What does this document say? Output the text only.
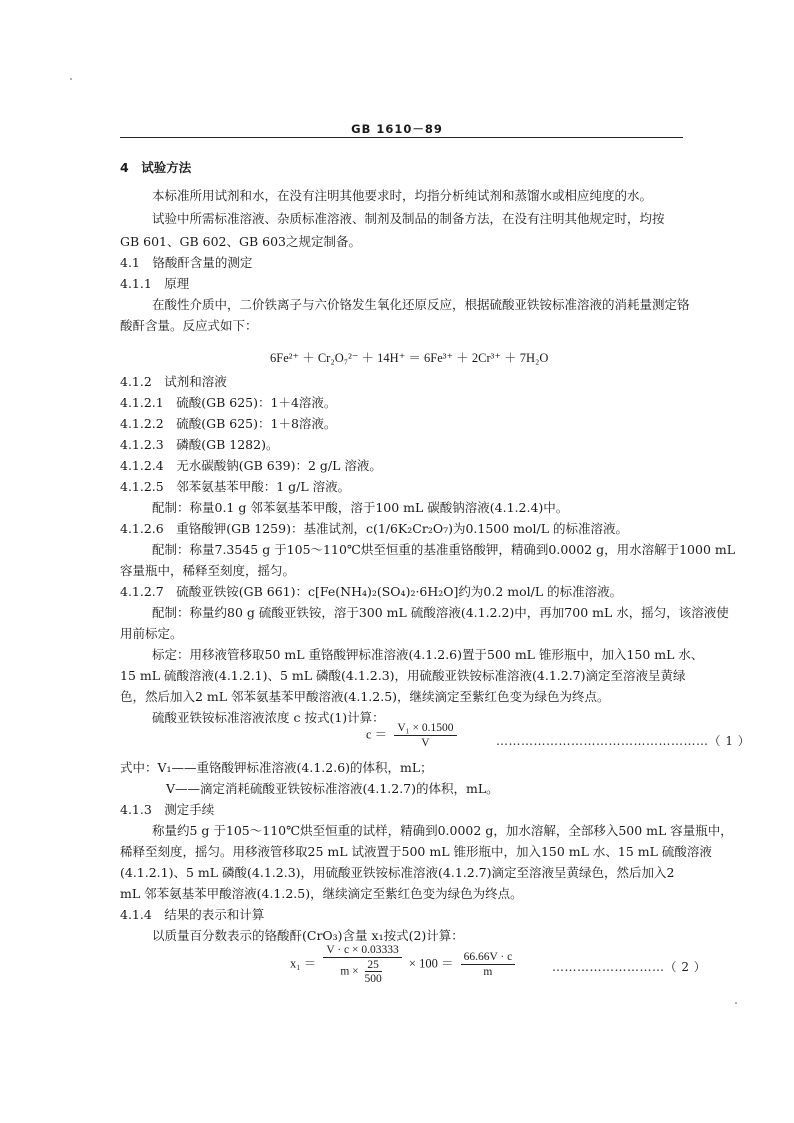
GB 1610－89
4　试验方法
本标准所用试剂和水，在没有注明其他要求时，均指分析纯试剂和蒸馏水或相应纯度的水。
试验中所需标准溶液、杂质标准溶液、制剂及制品的制备方法，在没有注明其他规定时，均按
GB 601、GB 602、GB 603之规定制备。
4.1　铬酸酐含量的测定
4.1.1　原理
在酸性介质中，二价铁离子与六价铬发生氧化还原反应，根据硫酸亚铁铵标准溶液的消耗量测定铬
酸酐含量。反应式如下：
6Fe²⁺ ＋ Cr₂O₇²⁻ ＋ 14H⁺ ＝ 6Fe³⁺ ＋ 2Cr³⁺ ＋ 7H₂O
4.1.2　试剂和溶液
4.1.2.1　硫酸(GB 625)：1＋4溶液。
4.1.2.2　硫酸(GB 625)：1＋8溶液。
4.1.2.3　磷酸(GB 1282)。
4.1.2.4　无水碳酸钠(GB 639)：2 g/L 溶液。
4.1.2.5　邻苯氨基苯甲酸：1 g/L 溶液。
配制：称量0.1 g 邻苯氨基苯甲酸，溶于100 mL 碳酸钠溶液(4.1.2.4)中。
4.1.2.6　重铬酸钾(GB 1259)：基准试剂，c(1/6K₂Cr₂O₇)为0.1500 mol/L 的标准溶液。
配制：称量7.3545 g 于105～110℃烘至恒重的基准重铬酸钾，精确到0.0002 g，用水溶解于1000 mL
容量瓶中，稀释至刻度，摇匀。
4.1.2.7　硫酸亚铁铵(GB 661)：c[Fe(NH₄)₂(SO₄)₂·6H₂O]约为0.2 mol/L 的标准溶液。
配制：称量约80 g 硫酸亚铁铵，溶于300 mL 硫酸溶液(4.1.2.2)中，再加700 mL 水，摇匀，该溶液使
用前标定。
标定：用移液管移取50 mL 重铬酸钾标准溶液(4.1.2.6)置于500 mL 锥形瓶中，加入150 mL 水、
15 mL 硫酸溶液(4.1.2.1)、5 mL 磷酸(4.1.2.3)，用硫酸亚铁铵标准溶液(4.1.2.7)滴定至溶液呈黄绿
色，然后加入2 mL 邻苯氨基苯甲酸溶液(4.1.2.5)，继续滴定至紫红色变为绿色为终点。
硫酸亚铁铵标准溶液浓度 c 按式(1)计算：
$c = \frac{\text{V₁ × 0.1500}}{V}$	……………………………………………（ 1 ）
式中：V₁——重铬酸钾标准溶液(4.1.2.6)的体积，mL；
V——滴定消耗硫酸亚铁铵标准溶液(4.1.2.7)的体积，mL。
4.1.3　测定手续
称量约5 g 于105～110℃烘至恒重的试样，精确到0.0002 g，加水溶解，全部移入500 mL 容量瓶中，
稀释至刻度，摇匀。用移液管移取25 mL 试液置于500 mL 锥形瓶中，加入150 mL 水、15 mL 硫酸溶液
(4.1.2.1)、5 mL 磷酸(4.1.2.3)，用硫酸亚铁铵标准溶液(4.1.2.7)滴定至溶液呈黄绿色，然后加入2
mL 邻苯氨基苯甲酸溶液(4.1.2.5)，继续滴定至紫红色变为绿色为终点。
4.1.4　结果的表示和计算
以质量百分数表示的铬酸酐(CrO₃)含量 x₁按式(2)计算：
$x_1 = \frac{V \cdot c \times 0.03333}{m \times \frac{25}{500}} \times 100 = \frac{66.66V \cdot c}{m}$	………………………（ 2 ）
